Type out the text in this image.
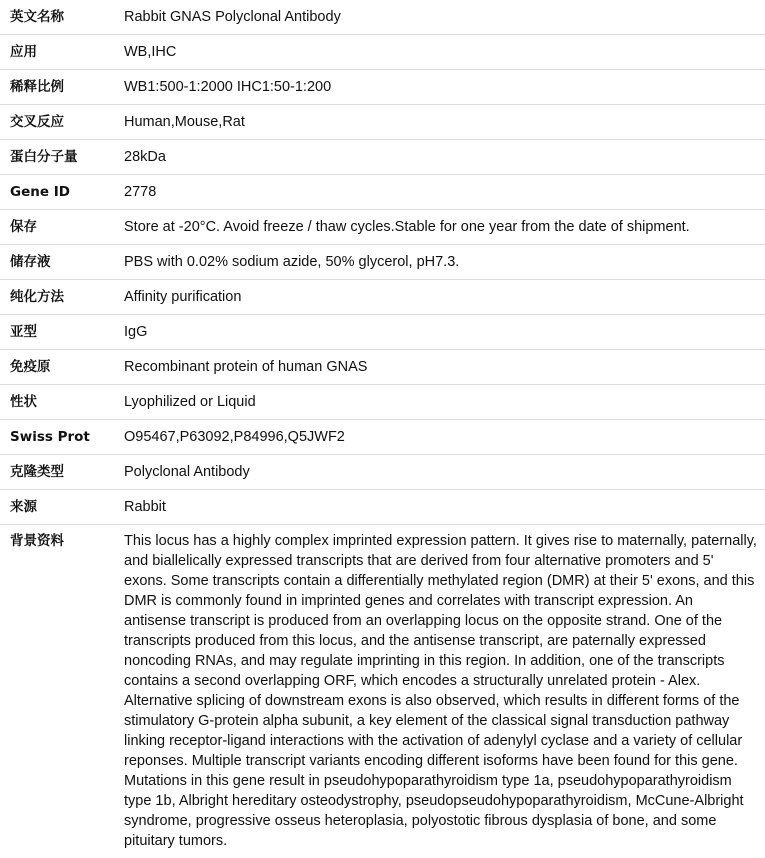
英文名称	Rabbit GNAS Polyclonal Antibody
应用	WB,IHC
稀释比例	WB1:500-1:2000 IHC1:50-1:200
交叉反应	Human,Mouse,Rat
蛋白分子量	28kDa
Gene ID	2778
保存	Store at -20°C. Avoid freeze / thaw cycles.Stable for one year from the date of shipment.
储存液	PBS with 0.02% sodium azide, 50% glycerol, pH7.3.
纯化方法	Affinity purification
亚型	IgG
免疫原	Recombinant protein of human GNAS
性状	Lyophilized or Liquid
Swiss Prot	O95467,P63092,P84996,Q5JWF2
克隆类型	Polyclonal Antibody
来源	Rabbit
背景资料	This locus has a highly complex imprinted expression pattern. It gives rise to maternally, paternally, and biallelically expressed transcripts that are derived from four alternative promoters and 5' exons. Some transcripts contain a differentially methylated region (DMR) at their 5' exons, and this DMR is commonly found in imprinted genes and correlates with transcript expression. An antisense transcript is produced from an overlapping locus on the opposite strand. One of the transcripts produced from this locus, and the antisense transcript, are paternally expressed noncoding RNAs, and may regulate imprinting in this region. In addition, one of the transcripts contains a second overlapping ORF, which encodes a structurally unrelated protein - Alex. Alternative splicing of downstream exons is also observed, which results in different forms of the stimulatory G-protein alpha subunit, a key element of the classical signal transduction pathway linking receptor-ligand interactions with the activation of adenylyl cyclase and a variety of cellular reponses. Multiple transcript variants encoding different isoforms have been found for this gene. Mutations in this gene result in pseudohypoparathyroidism type 1a, pseudohypoparathyroidism type 1b, Albright hereditary osteodystrophy, pseudopseudohypoparathyroidism, McCune-Albright syndrome, progressive osseus heteroplasia, polyostotic fibrous dysplasia of bone, and some pituitary tumors.
